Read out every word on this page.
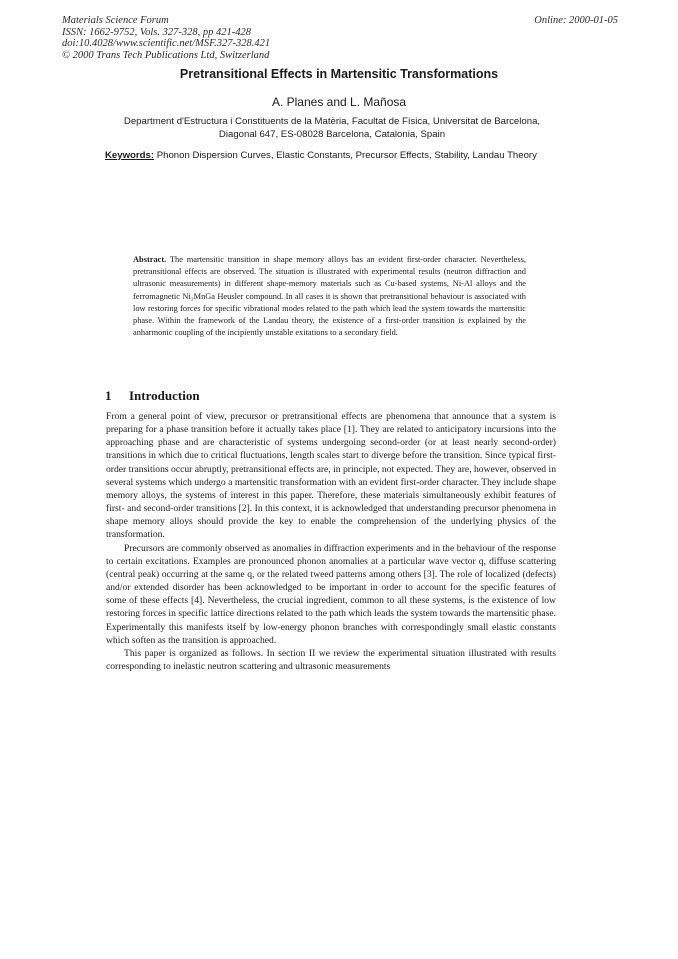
Materials Science Forum
ISSN: 1662-9752, Vols. 327-328, pp 421-428
doi:10.4028/www.scientific.net/MSF.327-328.421
© 2000 Trans Tech Publications Ltd, Switzerland
Online: 2000-01-05
Pretransitional Effects in Martensitic Transformations
A. Planes and L. Mañosa
Department d'Estructura i Constituents de la Matèria, Facultat de Física, Universitat de Barcelona, Diagonal 647, ES-08028 Barcelona, Catalonia, Spain
Keywords: Phonon Dispersion Curves, Elastic Constants, Precursor Effects, Stability, Landau Theory
Abstract. The martensitic transition in shape memory alloys has an evident first-order character. Nevertheless, pretransitional effects are observed. The situation is illustrated with experimental results (neutron diffraction and ultrasonic measurements) in different shape-memory materials such as Cu-based systems, Ni-Al alloys and the ferromagnetic Ni₂MnGa Heusler compound. In all cases it is shown that pretransitional behaviour is associated with low restoring forces for specific vibrational modes related to the path which lead the system towards the martensitic phase. Within the framework of the Landau theory, the existence of a first-order transition is explained by the anharmonic coupling of the incipiently unstable exitations to a secondary field.
1 Introduction

From a general point of view, precursor or pretransitional effects are phenomena that announce that a system is preparing for a phase transition before it actually takes place [1]. They are related to anticipatory incursions into the approaching phase and are characteristic of systems undergoing second-order (or at least nearly second-order) transitions in which due to critical fluctuations, length scales start to diverge before the transition. Since typical first-order transitions occur abruptly, pretransitional effects are, in principle, not expected. They are, however, observed in several systems which undergo a martensitic transformation with an evident first-order character. They include shape memory alloys, the systems of interest in this paper. Therefore, these materials simultaneously exhibit features of first- and second-order transitions [2]. In this context, it is acknowledged that understanding precursor phenomena in shape memory alloys should provide the key to enable the comprehension of the underlying physics of the transformation.

Precursors are commonly observed as anomalies in diffraction experiments and in the behaviour of the response to certain excitations. Examples are pronounced phonon anomalies at a particular wave vector q, diffuse scattering (central peak) occurring at the same q, or the related tweed patterns among others [3]. The role of localized (defects) and/or extended disorder has been acknowledged to be important in order to account for the specific features of some of these effects [4]. Nevertheless, the crucial ingredient, common to all these systems, is the existence of low restoring forces in specific lattice directions related to the path which leads the system towards the martensitic phase. Experimentally this manifests itself by low-energy phonon branches with correspondingly small elastic constants which soften as the transition is approached.

This paper is organized as follows. In section II we review the experimental situation illustrated with results corresponding to inelastic neutron scattering and ultrasonic measurements
